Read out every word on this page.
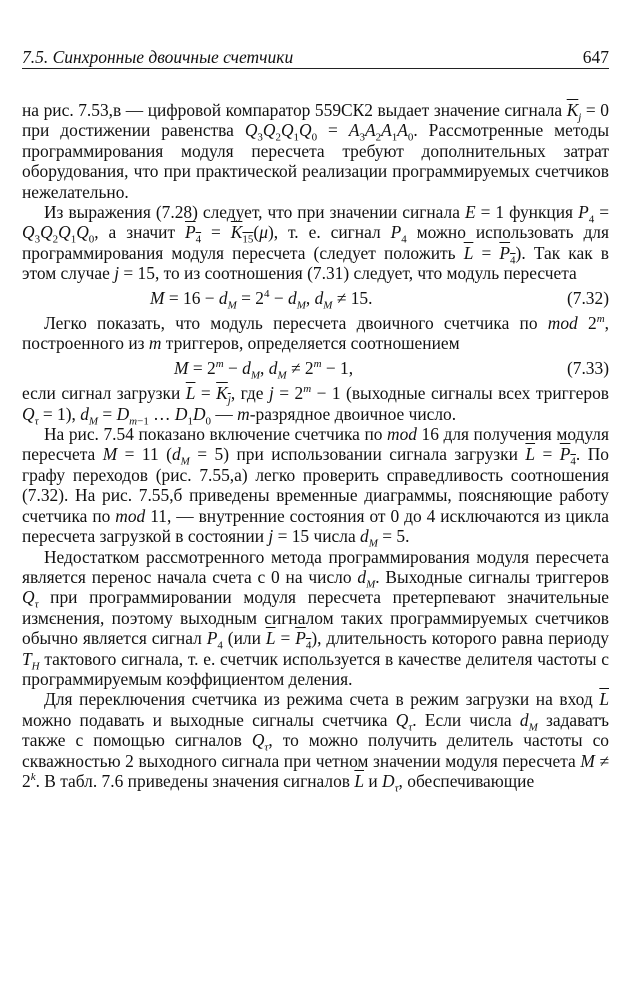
7.5. Синхронные двоичные счетчики	647

на рис. 7.53,в — цифровой компаратор 559СК2 выдает значение сигнала $\overline{K}_j = 0$ при достижении равенства $Q_3Q_2Q_1Q_0 = A_3A_2A_1A_0$. Рассмотренные методы программирования модуля пересчета требуют дополнительных затрат оборудования, что при практической реализации программируемых счетчиков нежелательно.

Из выражения (7.28) следует, что при значении сигнала E = 1 функция $P_4 = Q_3Q_2Q_1Q_0$, а значит $P_4 = K_{15}(\mu)$, т. е. сигнал $P_4$ можно использовать для программирования модуля пересчета (следует положить $\overline{L} = P_4$). Так как в этом случае j = 15, то из соотношения (7.31) следует, что модуль пересчета

$M = 16 - d_M = 2^4 - d_M$, $d_M \ne 15$.	(7.32)

Легко показать, что модуль пересчета двоичного счетчика по mod 2$^m$, построенного из m триггеров, определяется соотношением

$M = 2^m - d_M$, $d_M \ne 2^m - 1$,	(7.33)

если сигнал загрузки $\overline{L} = K_j$, где $j = 2^m - 1$ (выходные сигналы всех триггеров $Q_\tau = 1$), $d_M = D_{m-1}$ … $D_1D_0$ — m-разрядное двоичное число.

На рис. 7.54 показано включение счетчика по mod 16 для получения модуля пересчета M = 11 $(d_M = 5)$ при использовании сигнала загрузки $\overline{L} = P_4$. По графу переходов (рис. 7.55,а) легко проверить справедливость соотношения (7.32). На рис. 7.55,б приведены временные диаграммы, поясняющие работу счетчика по mod 11, — внутренние состояния от 0 до 4 исключаются из цикла пересчета загрузкой в состоянии j = 15 числа $d_M = 5$.

Недостатком рассмотренного метода программирования модуля пересчета является перенос начала счета с 0 на число $d_M$. Выходные сигналы триггеров $Q_\tau$ при программировании модуля пересчета претерпевают значительные измєнения, поэтому выходным сигналом таких программируемых счетчиков обычно является сигнал $P_4$ (или $\overline{L} = P_4$), длительность которого равна периоду $T_H$ тактового сигнала, т. е. счетчик используется в качестве делителя частоты с программируемым коэффициентом деления.

Для переключения счетчика из режима счета в режим загрузки на вход $\overline{L}$ можно подавать и выходные сигналы счетчика $Q_\tau$. Если числа $d_M$ задаватъ также с помощью сигналов $Q_\tau$, то можно получить делитель частоты со скважностью 2 выходного сигнала при четном значении модуля пересчета $M \ne 2^k$. В табл. 7.6 приведены значения сигналов $\overline{L}$ и $D_\tau$, обеспечивающие
